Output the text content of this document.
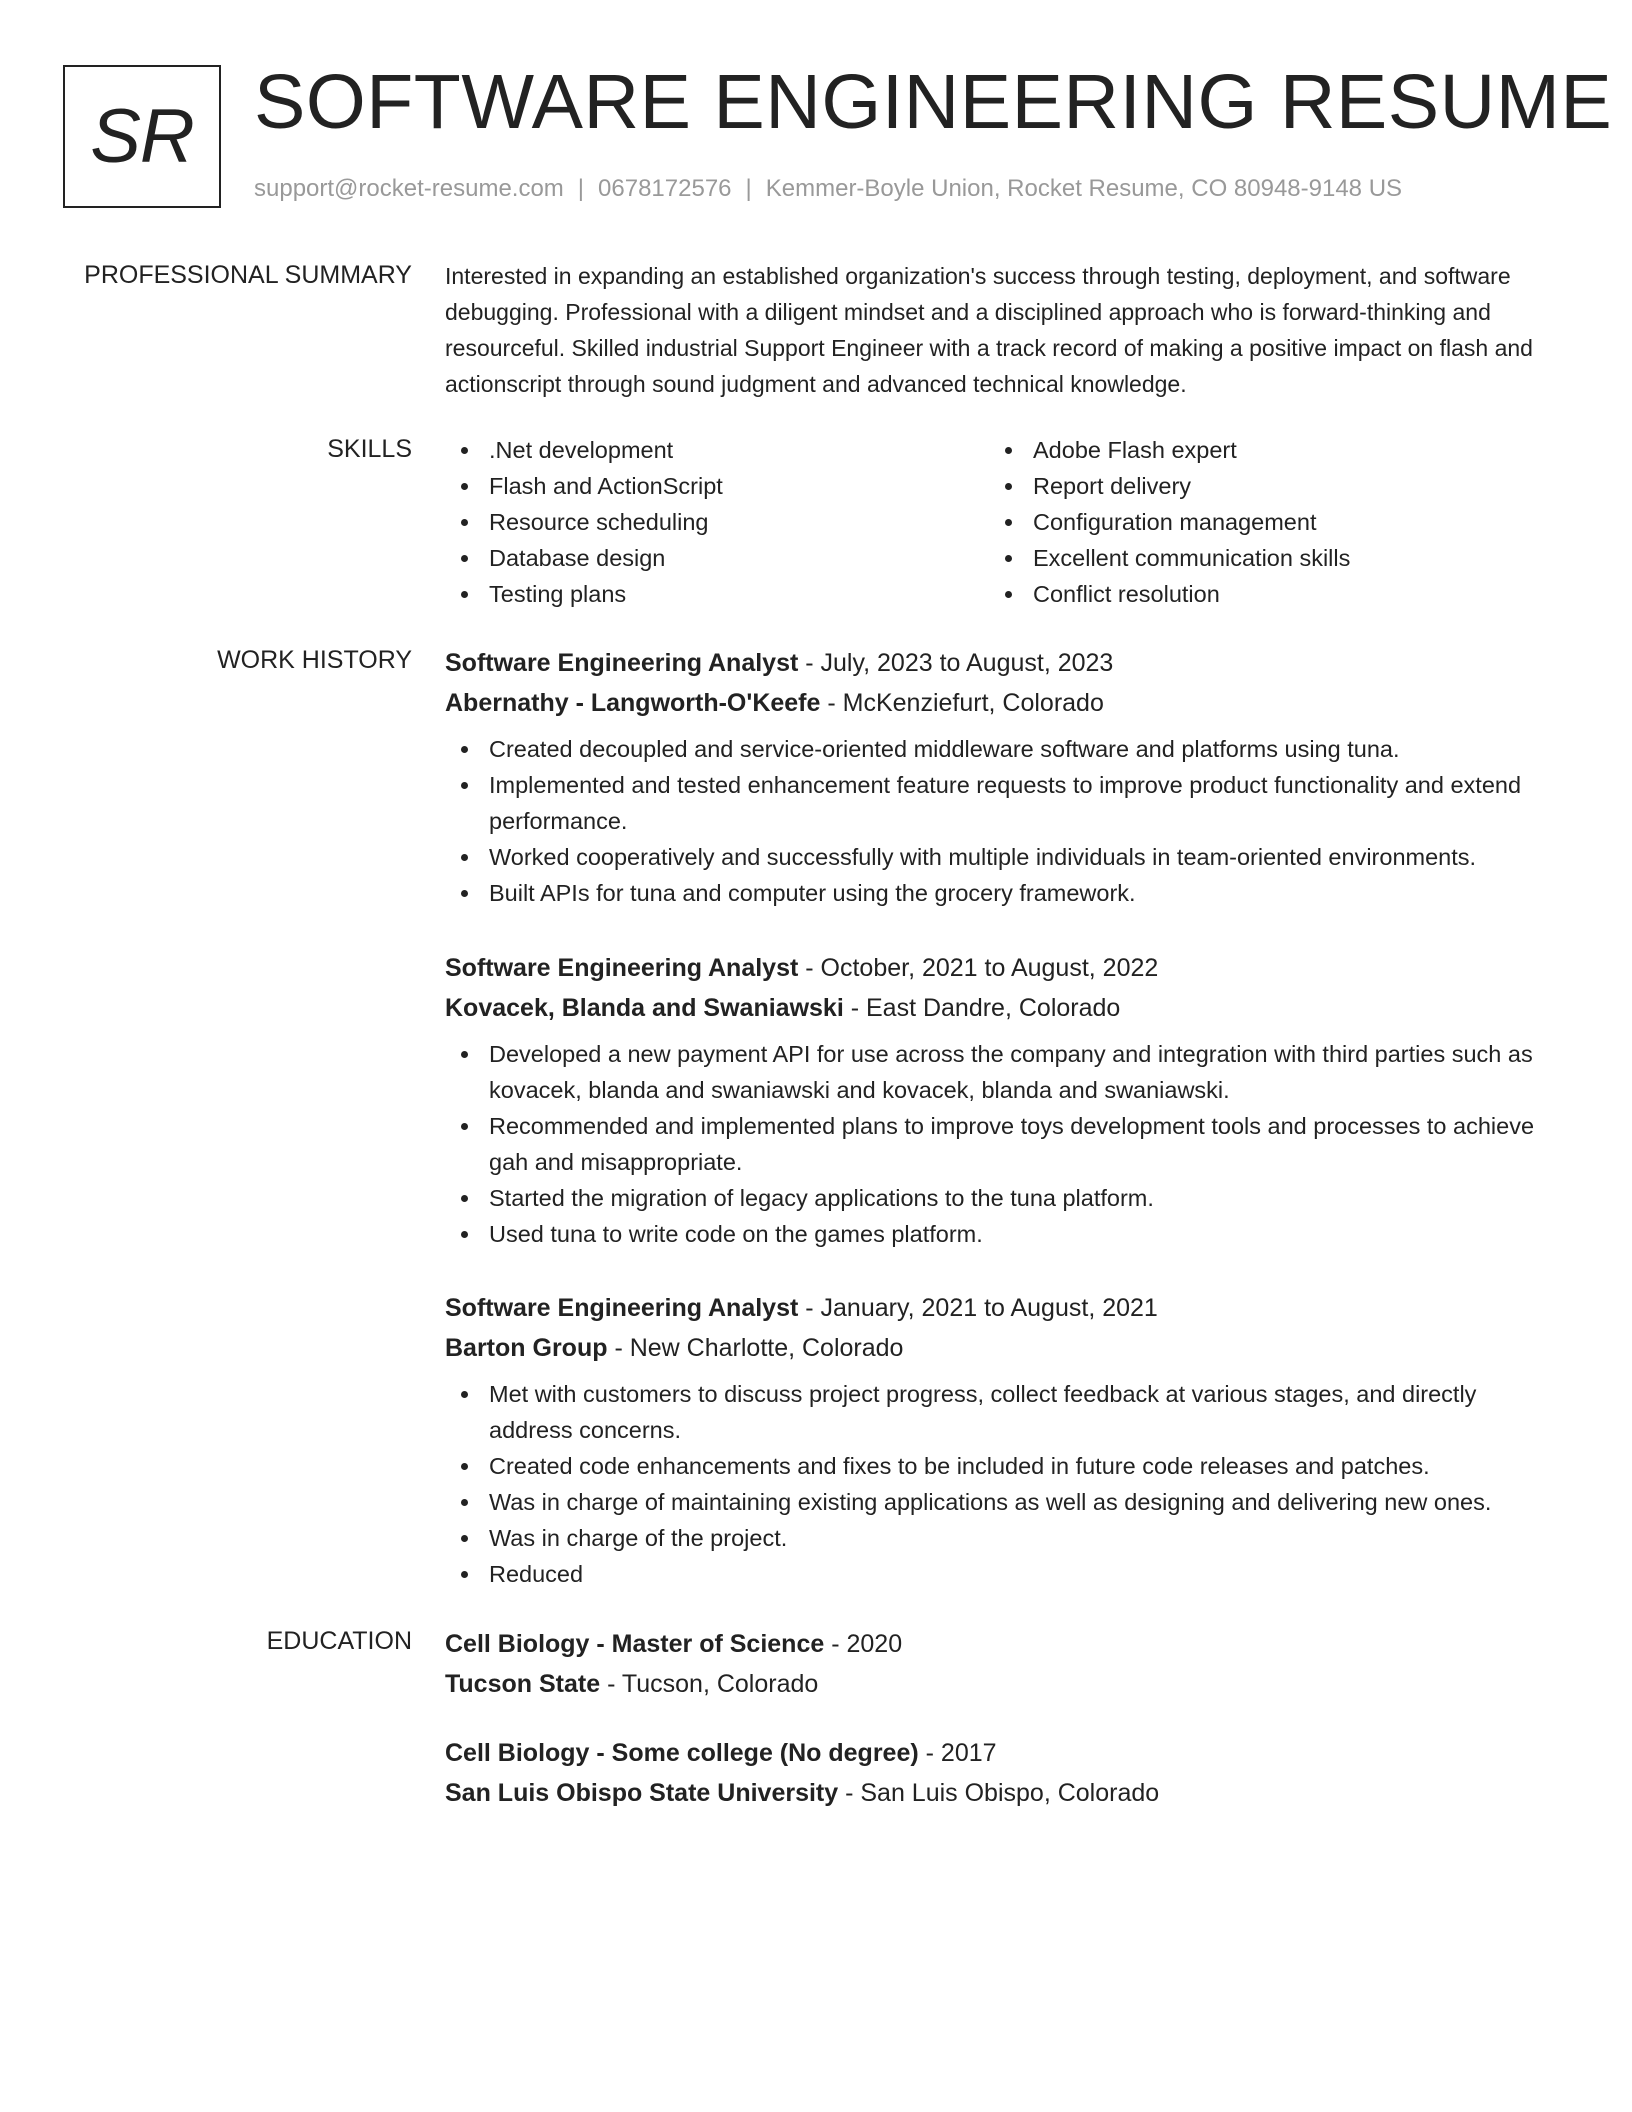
SR SOFTWARE ENGINEERING RESUME
support@rocket-resume.com | 0678172576 | Kemmer-Boyle Union, Rocket Resume, CO 80948-9148 US
PROFESSIONAL SUMMARY Interested in expanding an established organization's success through testing, deployment, and software debugging. Professional with a diligent mindset and a disciplined approach who is forward-thinking and resourceful. Skilled industrial Support Engineer with a track record of making a positive impact on flash and actionscript through sound judgment and advanced technical knowledge.

SKILLS	.Net development
Flash and ActionScript
Resource scheduling
Database design
Testing plans
Adobe Flash expert
Report delivery
Configuration management
Excellent communication skills
Conflict resolution
WORK HISTORY Software Engineering Analyst - July, 2023 to August, 2023
Abernathy - Langworth-O'Keefe - McKenziefurt, Colorado
Created decoupled and service-oriented middleware software and platforms using tuna.
Implemented and tested enhancement feature requests to improve product functionality and extend performance.
Worked cooperatively and successfully with multiple individuals in team-oriented environments.
Built APIs for tuna and computer using the grocery framework.
Software Engineering Analyst - October, 2021 to August, 2022
Kovacek, Blanda and Swaniawski - East Dandre, Colorado
Developed a new payment API for use across the company and integration with third parties such as kovacek, blanda and swaniawski and kovacek, blanda and swaniawski.
Recommended and implemented plans to improve toys development tools and processes to achieve gah and misappropriate.
Started the migration of legacy applications to the tuna platform.
Used tuna to write code on the games platform.
Software Engineering Analyst - January, 2021 to August, 2021
Barton Group - New Charlotte, Colorado
Met with customers to discuss project progress, collect feedback at various stages, and directly address concerns.
Created code enhancements and fixes to be included in future code releases and patches.
Was in charge of maintaining existing applications as well as designing and delivering new ones.
Was in charge of the project.
Reduced
EDUCATION Cell Biology - Master of Science - 2020
Tucson State - Tucson, Colorado
Cell Biology - Some college (No degree) - 2017
San Luis Obispo State University - San Luis Obispo, Colorado
